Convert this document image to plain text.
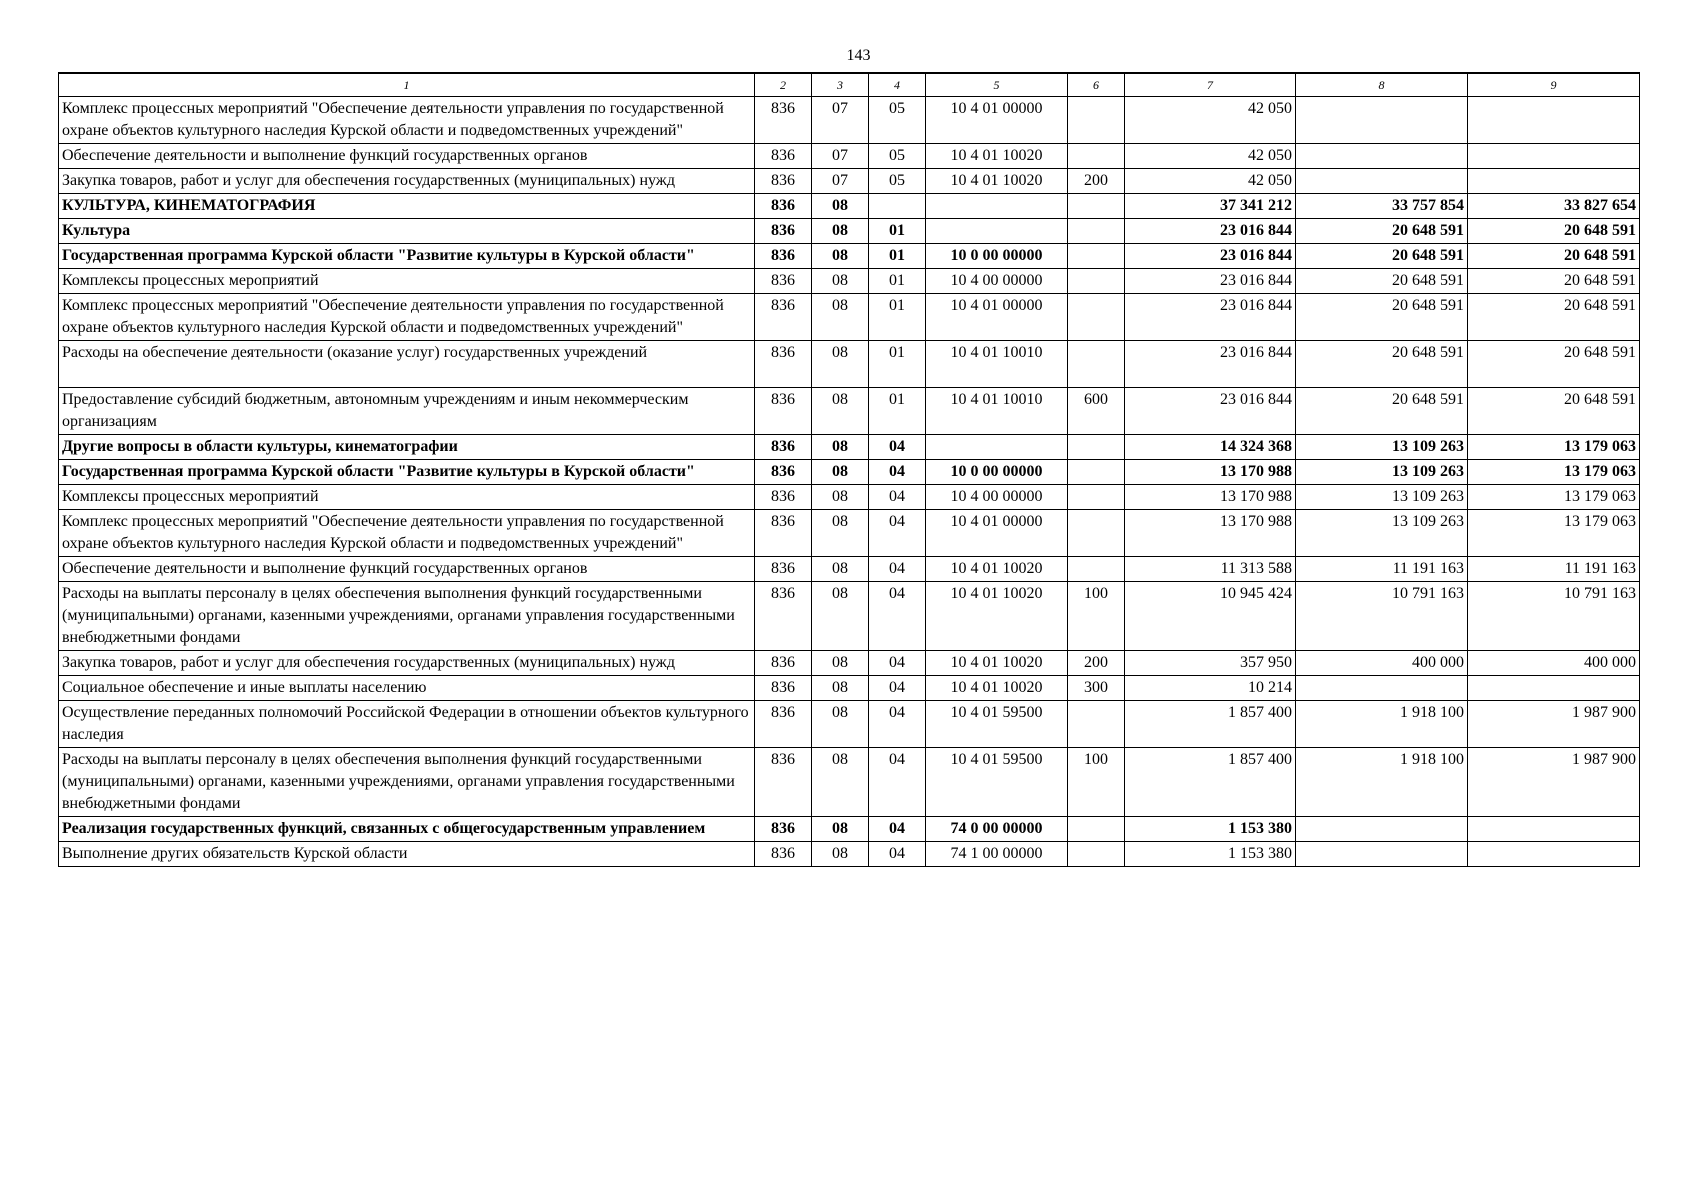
143
1	2	3	4	5	6	7	8	9
Комплекс процессных мероприятий "Обеспечение деятельности управления по государственной охране объектов культурного наследия Курской области и подведомственных учреждений"	836	07	05	10 4 01 00000		42 050		
Обеспечение деятельности и выполнение функций государственных органов	836	07	05	10 4 01 10020		42 050		
Закупка товаров, работ и услуг для обеспечения государственных (муниципальных) нужд	836	07	05	10 4 01 10020	200	42 050		
КУЛЬТУРА, КИНЕМАТОГРАФИЯ	836	08				37 341 212	33 757 854	33 827 654
Культура	836	08	01			23 016 844	20 648 591	20 648 591
Государственная программа Курской области "Развитие культуры в Курской области"	836	08	01	10 0 00 00000		23 016 844	20 648 591	20 648 591
Комплексы процессных мероприятий	836	08	01	10 4 00 00000		23 016 844	20 648 591	20 648 591
Комплекс процессных мероприятий "Обеспечение деятельности управления по государственной охране объектов культурного наследия Курской области и подведомственных учреждений"	836	08	01	10 4 01 00000		23 016 844	20 648 591	20 648 591
Расходы на обеспечение деятельности (оказание услуг) государственных учреждений	836	08	01	10 4 01 10010		23 016 844	20 648 591	20 648 591
Предоставление субсидий бюджетным, автономным учреждениям и иным некоммерческим организациям	836	08	01	10 4 01 10010	600	23 016 844	20 648 591	20 648 591
Другие вопросы в области культуры, кинематографии	836	08	04			14 324 368	13 109 263	13 179 063
Государственная программа Курской области "Развитие культуры в Курской области"	836	08	04	10 0 00 00000		13 170 988	13 109 263	13 179 063
Комплексы процессных мероприятий	836	08	04	10 4 00 00000		13 170 988	13 109 263	13 179 063
Комплекс процессных мероприятий "Обеспечение деятельности управления по государственной охране объектов культурного наследия Курской области и подведомственных учреждений"	836	08	04	10 4 01 00000		13 170 988	13 109 263	13 179 063
Обеспечение деятельности и выполнение функций государственных органов	836	08	04	10 4 01 10020		11 313 588	11 191 163	11 191 163
Расходы на выплаты персоналу в целях обеспечения выполнения функций государственными (муниципальными) органами, казенными учреждениями, органами управления государственными внебюджетными фондами	836	08	04	10 4 01 10020	100	10 945 424	10 791 163	10 791 163
Закупка товаров, работ и услуг для обеспечения государственных (муниципальных) нужд	836	08	04	10 4 01 10020	200	357 950	400 000	400 000
Социальное обеспечение и иные выплаты населению	836	08	04	10 4 01 10020	300	10 214		
Осуществление переданных полномочий Российской Федерации в отношении объектов культурного наследия	836	08	04	10 4 01 59500		1 857 400	1 918 100	1 987 900
Расходы на выплаты персоналу в целях обеспечения выполнения функций государственными (муниципальными) органами, казенными учреждениями, органами управления государственными внебюджетными фондами	836	08	04	10 4 01 59500	100	1 857 400	1 918 100	1 987 900
Реализация государственных функций, связанных с общегосударственным управлением	836	08	04	74 0 00 00000		1 153 380		
Выполнение других обязательств Курской области	836	08	04	74 1 00 00000		1 153 380		
